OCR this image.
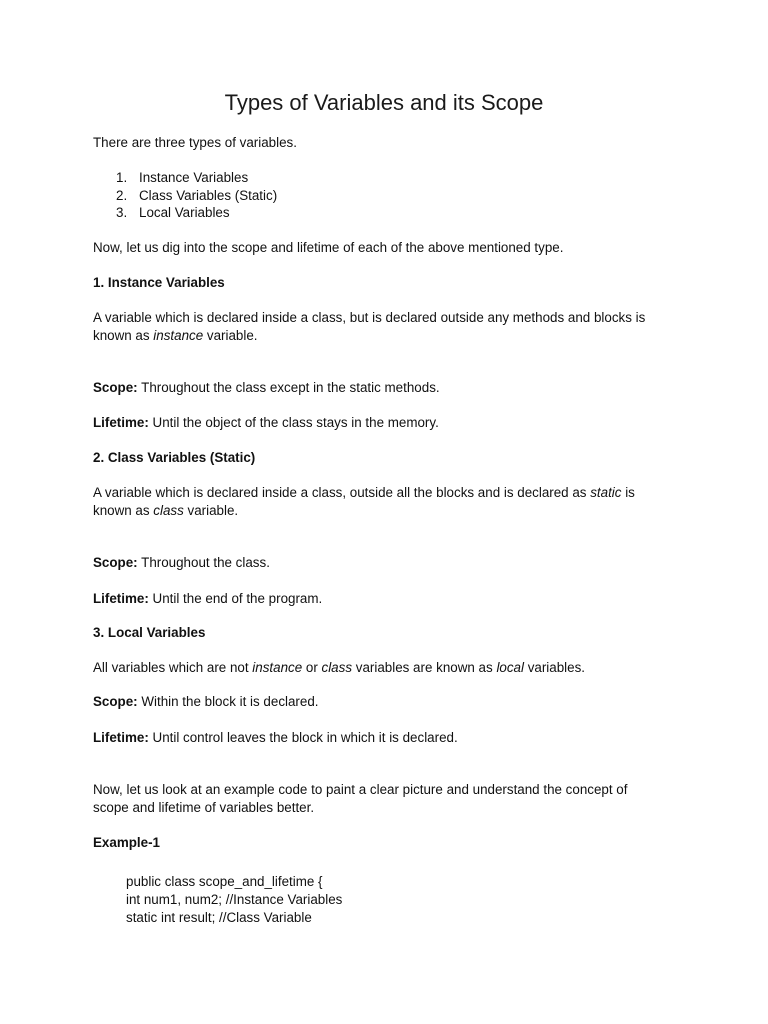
Types of Variables and its Scope
There are three types of variables.
1. Instance Variables
2. Class Variables (Static)
3. Local Variables
Now, let us dig into the scope and lifetime of each of the above mentioned type.
1. Instance Variables
A variable which is declared inside a class, but is declared outside any methods and blocks is
known as instance variable.
Scope: Throughout the class except in the static methods.
Lifetime: Until the object of the class stays in the memory.
2. Class Variables (Static)
A variable which is declared inside a class, outside all the blocks and is declared as static is
known as class variable.
Scope: Throughout the class.
Lifetime: Until the end of the program.
3. Local Variables
All variables which are not instance or class variables are known as local variables.
Scope: Within the block it is declared.
Lifetime: Until control leaves the block in which it is declared.
Now, let us look at an example code to paint a clear picture and understand the concept of
scope and lifetime of variables better.
Example-1
public class scope_and_lifetime {
int num1, num2; //Instance Variables
static int result; //Class Variable
